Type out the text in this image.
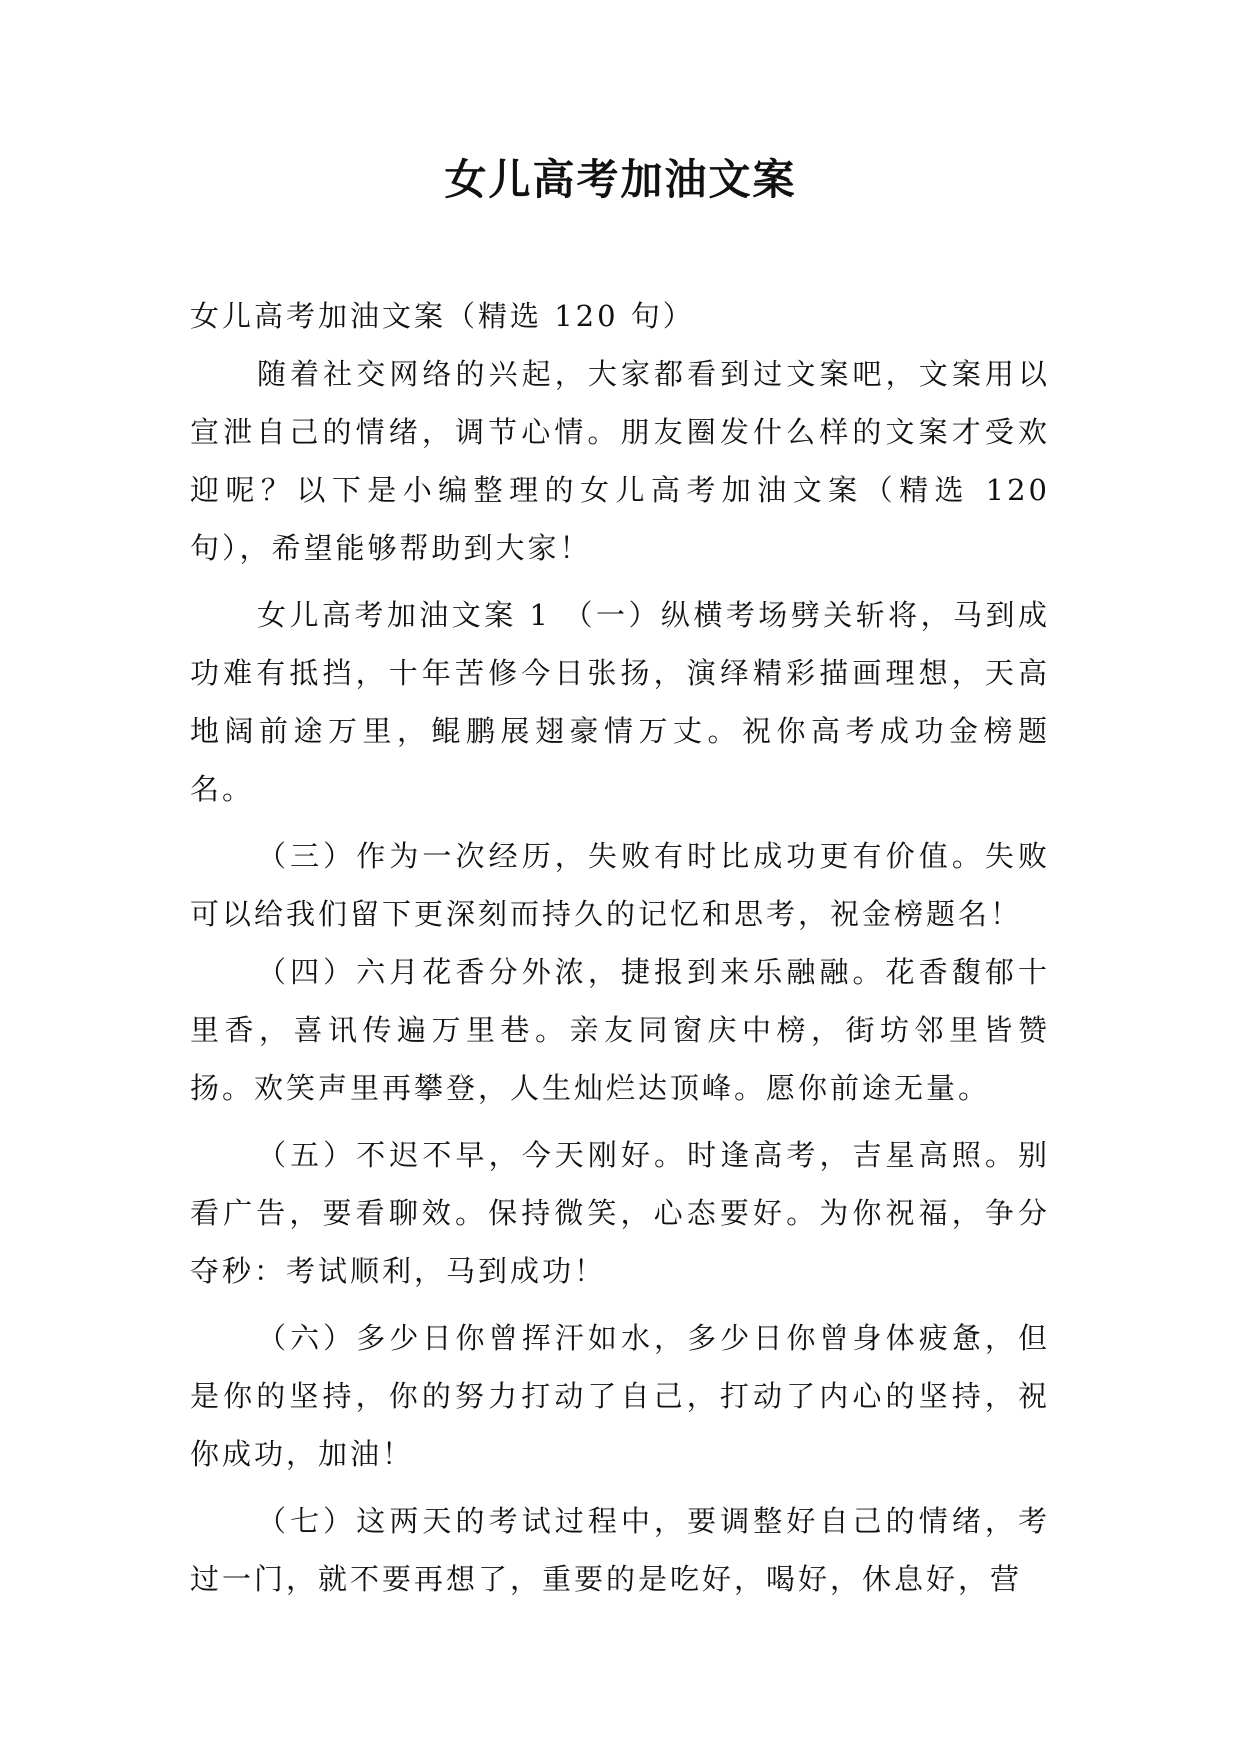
女儿高考加油文案

女儿高考加油文案（精选 120 句）

随着社交网络的兴起，大家都看到过文案吧，文案用以宣泄自己的情绪，调节心情。朋友圈发什么样的文案才受欢迎呢？以下是小编整理的女儿高考加油文案（精选 120 句），希望能够帮助到大家！

女儿高考加油文案 1 （一）纵横考场劈关斩将，马到成功难有抵挡，十年苦修今日张扬，演绎精彩描画理想，天高地阔前途万里，鲲鹏展翅豪情万丈。祝你高考成功金榜题名。

（三）作为一次经历，失败有时比成功更有价值。失败可以给我们留下更深刻而持久的记忆和思考，祝金榜题名！

（四）六月花香分外浓，捷报到来乐融融。花香馥郁十里香，喜讯传遍万里巷。亲友同窗庆中榜，街坊邻里皆赞扬。欢笑声里再攀登，人生灿烂达顶峰。愿你前途无量。

（五）不迟不早，今天刚好。时逢高考，吉星高照。别看广告，要看聊效。保持微笑，心态要好。为你祝福，争分夺秒：考试顺利，马到成功！

（六）多少日你曾挥汗如水，多少日你曾身体疲惫，但是你的坚持，你的努力打动了自己，打动了内心的坚持，祝你成功，加油！

（七）这两天的考试过程中，要调整好自己的情绪，考过一门，就不要再想了，重要的是吃好，喝好，休息好，营
